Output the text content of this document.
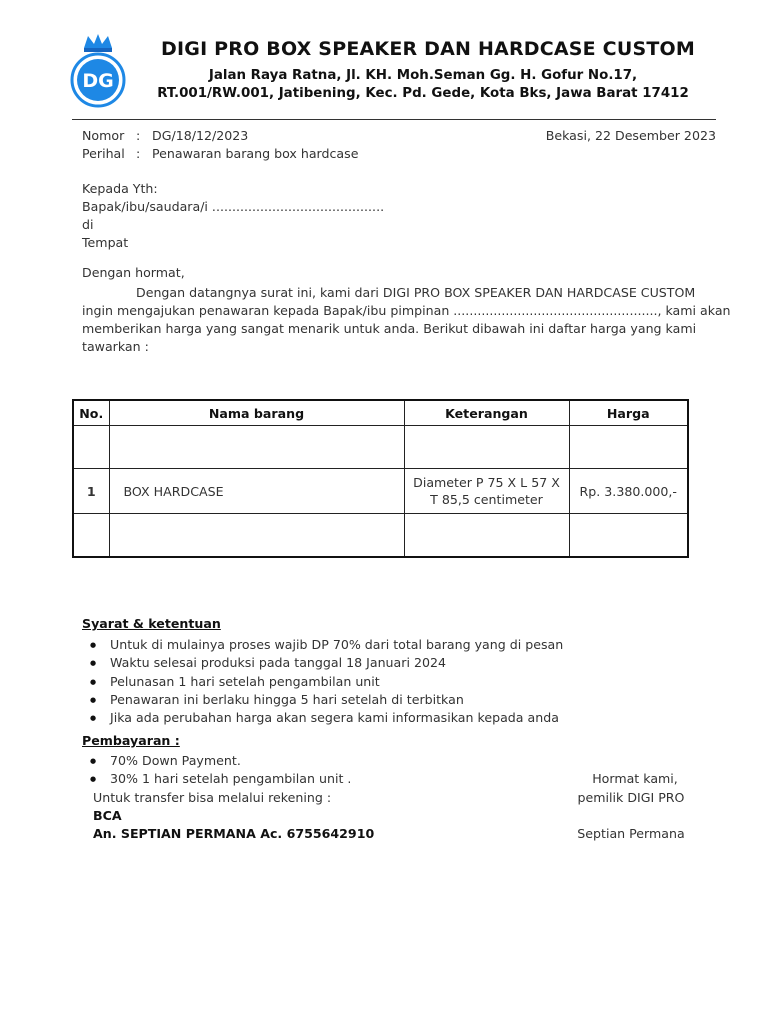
DG
DIGI PRO BOX SPEAKER DAN HARDCASE CUSTOM
Jalan Raya Ratna, Jl. KH. Moh.Seman Gg. H. Gofur No.17,
RT.001/RW.001, Jatibening, Kec. Pd. Gede, Kota Bks, Jawa Barat 17412
Nomor : DG/18/12/2023
Perihal : Penawaran barang box hardcase
Bekasi, 22 Desember 2023
Kepada Yth:
Bapak/ibu/saudara/i ...........................................
di
Tempat
Dengan hormat,
Dengan datangnya surat ini, kami dari DIGI PRO BOX SPEAKER DAN HARDCASE CUSTOM
ingin mengajukan penawaran kepada Bapak/ibu pimpinan ..................................................., kami akan
memberikan harga yang sangat menarik untuk anda. Berikut dibawah ini daftar harga yang kami
tawarkan :
No.	Nama barang	Keterangan	Harga

1	BOX HARDCASE	Diameter P 75 X L 57 X T 85,5 centimeter	Rp. 3.380.000,-

Syarat & ketentuan
● Untuk di mulainya proses wajib DP 70% dari total barang yang di pesan
● Waktu selesai produksi pada tanggal 18 Januari 2024
● Pelunasan 1 hari setelah pengambilan unit
● Penawaran ini berlaku hingga 5 hari setelah di terbitkan
● Jika ada perubahan harga akan segera kami informasikan kepada anda
Pembayaran :
● 70% Down Payment.
● 30% 1 hari setelah pengambilan unit .
Untuk transfer bisa melalui rekening :
BCA
An. SEPTIAN PERMANA Ac. 6755642910
Hormat kami,
pemilik DIGI PRO
Septian Permana
